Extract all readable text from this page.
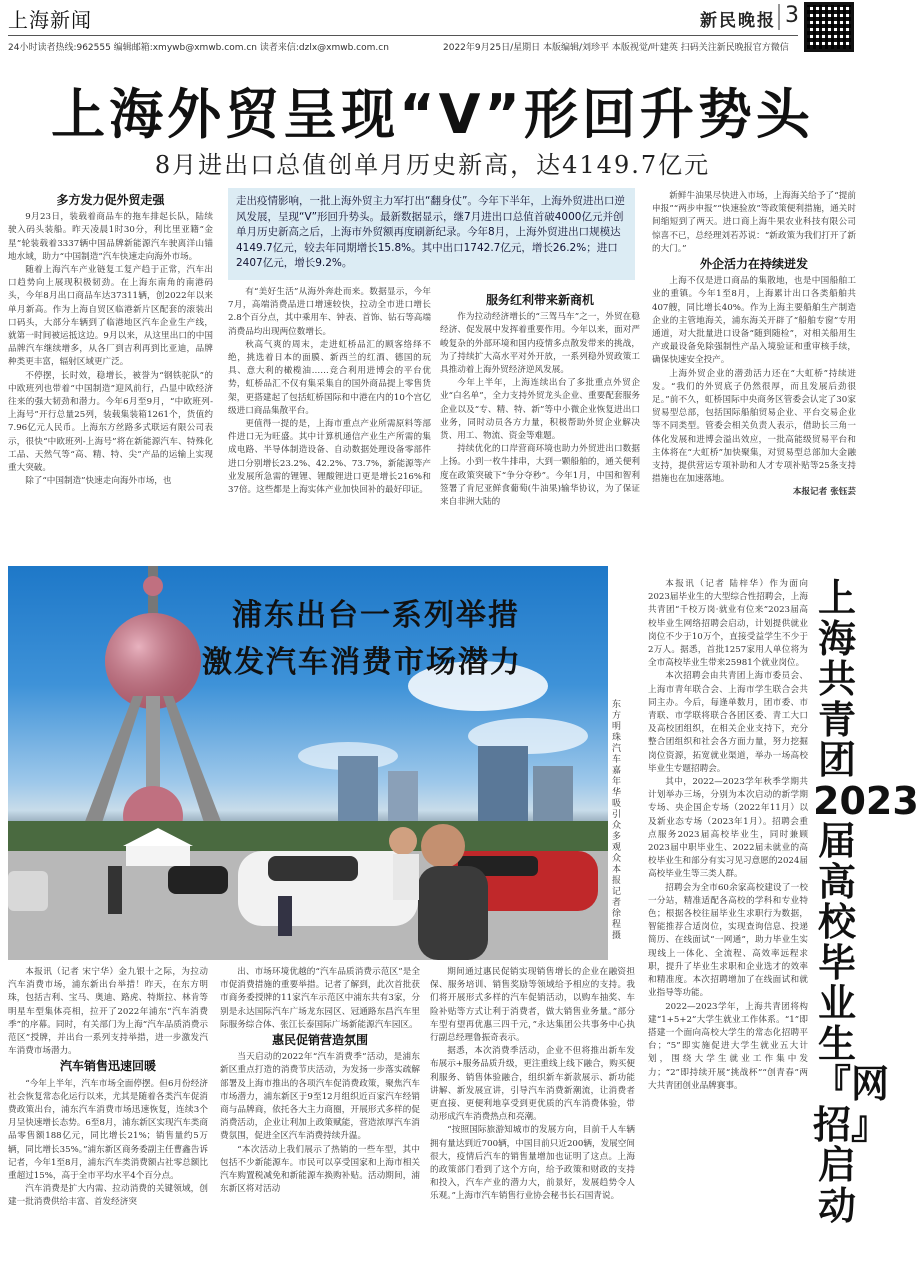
上海新闻	新民晚报 3
24小时读者热线:962555 编辑邮箱:xmywb@xmwb.com.cn 读者来信:dzlx@xmwb.com.cn	2022年9月25日/星期日 本版编辑/刘珍平 本版视觉/叶建英 扫码关注新民晚报官方微信
上海外贸呈现“V”形回升势头
8月进出口总值创单月历史新高，达4149.7亿元
多方发力促外贸走强

9月23日，装载着商品车的拖车排起长队，陆续驶入码头装船。昨天凌晨1时30分，利比里亚籍“金星”轮装载着3337辆中国品牌新能源汽车驶离洋山锚地水域，助力“中国制造”汽车快速走向海外市场。

随着上海汽车产业链复工复产趋于正常，汽车出口趋势向上展现积极韧劲。在上海东南角的南港码头，今年8月出口商品车达37311辆，创2022年以来单月新高。作为上海自贸区临港新片区配套的滚装出口码头，大部分车辆到了临港地区汽车企业生产线，就第一时间被运抵这边。9月以来，从这里出口的中国品牌汽车继续增多，从各厂到吉利再到比亚迪，品牌种类更丰富，辐射区域更广泛。

不停摆，长时效，稳增长，被誉为“钢铁驼队”的中欧班列也带着“中国制造”迎风前行，凸显中欧经济往来的强大韧劲和潜力。今年6月至9月，“中欧班列-上海号”开行总量25列，装载集装箱1261个，货值约7.96亿元人民币。上海东方丝路多式联运有限公司表示，很快“中欧班列-上海号”将在新能源汽车、特殊化工品、天然气等“高、精、特、尖”产品的运输上实现重大突破。

除了“中国制造”快速走向海外市场，也

走出疫情影响，一批上海外贸主力军打出“翻身仗”。今年下半年，上海外贸进出口逆风发展，呈现“V”形回升势头。最新数据显示，继7月进出口总值首破4000亿元并创单月历史新高之后，上海市外贸额再度刷新纪录。今年8月，上海外贸进出口规模达4149.7亿元，较去年同期增长15.8%。其中出口1742.7亿元，增长26.2%；进口2407亿元，增长9.2%。

有“美好生活”从海外奔赴而来。数据显示，今年7月，高端消费品进口增速较快，拉动全市进口增长2.8个百分点，其中乘用车、钟表、首饰、钻石等高端消费品均出现两位数增长。

秋高气爽的周末，走进虹桥品汇的顾客络绎不绝，挑选着日本的面膜、新西兰的红酒、德国的玩具、意大利的橄榄油……竞合利用进博会的平台优势，虹桥品汇不仅有集采集自的国外商品提上零售货架，更搭建起了包括虹桥国际和中港在内的10个宫亿级进口商品集散平台。

更值得一提的是，上海市重点产业所需原料等部件进口无为旺盛。其中计算机通信产业生产所需的集成电路、半导体制造设备、自动数据处理设备零部件进口分别增长23.2%、42.2%、73.7%，新能源等产业发展所急需的锂锂、锂酸锂进口更是增长216%和37倍。这些都是上海实体产业加快回补的最好印证。

服务红利带来新商机

作为拉动经济增长的“三驾马车”之一，外贸在稳经济、促发展中发挥着重要作用。今年以来，面对严峻复杂的外部环境和国内疫情多点散发带来的挑战，为了持续扩大高水平对外开放，一系列稳外贸政策工具推动着上海外贸经济逆风发展。

今年上半年，上海连续出台了多批重点外贸企业“白名单”，全力支持外贸龙头企业、重要配套服务企业以及“专、精、特、新”等中小微企业恢复进出口业务，同时动员各方力量，积极帮助外贸企业解决货、用工、物流、资金等难题。

持续优化的口岸营商环境也助力外贸进出口数据上扬。小到一枚牛排串，大到一颗船舶的，通关便利度在政策突破下“争分夺秒”。今年1月，中国和智利签署了肯尼亚鲜食葡萄(牛油果)输华协议，为了保证来自非洲大陆的

新鲜牛油果尽快进入市场，上海海关给予了“提前申报”“两步申报”“快速验放”等政策便利措施，通关时间缩短到了两天。进口商上海牛果农业科技有限公司惊喜不已，总经理刘若苏说：“新政策为我们打开了新的大门。”

外企活力在持续迸发

上海不仅是进口商品的集散地，也是中国船舶工业的重镇。今年1至8月，上海累计出口各类船舶共407艘，同比增长40%。作为上海主要船舶生产制造企业的主管地海关，浦东海关开辟了“船舶专窗”专用通道，对大批量进口设备“随到随检”，对相关船用生产或最设备免除强制性产品入境验证和重审核手续，确保快速安全投产。

上海外贸企业的潜劲活力还在“大虹桥”持续迸发。“我们的外贸底子仍然很厚，而且发展后劲很足。”前不久，虹桥国际中央商务区管委会认定了30家贸易型总部，包括国际船舶贸易企业、平台交易企业等不同类型。管委会相关负责人表示，借助长三角一体化发展和进博会溢出效应，一批高能级贸易平台和主体将在“大虹桥”加快聚集，对贸易型总部加大金融支持，提供营运专项补助和人才专项补贴等25条支持措施也在加速落地。

本报记者 张钰芸
浦东出台一系列举措
激发汽车消费市场潜力
东方明珠汽车嘉年华吸引众多观众　本报记者 徐程 摄

本报讯（记者 宋宁华）金九银十之际，为拉动汽车消费市场，浦东新出台举措！昨天，在东方明珠，包括吉利、宝马、奥迪、路虎、特斯拉、林肯等明星车型集体亮相，拉开了2022年浦东“汽车消费季”的序幕。同时，有关部门为上海“汽车品质消费示范区”授牌，并出台一系列支持举措，进一步激发汽车消费市场潜力。

汽车销售迅速回暖

“今年上半年，汽车市场全面停摆。但6月份经济社会恢复常态化运行以来，尤其是随着各类汽车促消费政策出台，浦东汽车消费市场迅速恢复，连续3个月呈快速增长态势。6至8月，浦东新区实现汽车类商品零售额188亿元，同比增长21%；销售量约5万辆，同比增长35%。”浦东新区商务委副主任曹鑫告诉记者，今年1至8月，浦东汽车类消费额占社零总额比重超过15%，高于全市平均水平4个百分点。

汽车消费是扩大内需、拉动消费的关键领域，创建一批消费供给丰富、首发经济突

出、市场环境优越的“汽车品质消费示范区”是全市促消费措施的重要举措。记者了解到，此次首批获市商务委授牌的11家汽车示范区中浦东共有3家，分别是永达国际汽车广场龙东园区、冠通路东昌汽车里际服务综合体、张江长泰国际广场新能源汽车园区。

惠民促销营造氛围

当天启动的2022年“汽车消费季”活动，是浦东新区重点打造的消费节庆活动，为发扬一步落实疏解部署及上海市推出的各项汽车促消费政策，聚焦汽车市场潜力，浦东新区于9至12月组织近百家汽车经销商与品牌商，依托各大主力商圈，开展形式多样的促消费活动，企业让利加上政策赋能，营造浓厚汽车消费氛围，促进全区汽车消费持续升温。

“本次活动上我们展示了热销的一些车型，其中包括不少新能源车。市民可以享受国家和上海市相关汽车购置税减免和新能源车换购补贴。活动期间，浦东新区将对活动

期间通过惠民促销实现销售增长的企业在融资担保、服务培训、销售奖励等领域给予相应的支持。我们将开展形式多样的汽车促销活动，以购车抽奖、车险补贴等方式让利于消费者，做大销售业务量。”部分车型有望再优惠三四千元，”永达集团公共事务中心执行副总经理鲁振奇表示。

据悉，本次消费季活动，企业不但将推出新车发布展示+服务品质升级，更注重线上线下融合，购买便利服务、销售体验融合，组织新车新款展示、新功能讲解、新发展宣讲，引导汽车消费新潮流，让消费者更直接、更便利地享受到更优质的汽车消费体验，带动形成汽车消费热点和亮潮。

“按照国际旅游知城市的发展方向，目前千人车辆拥有量达到近700辆，中国目前只近200辆，发展空间很大，疫情后汽车的销售量增加也证明了这点。上海的政策部门看到了这个方向，给予政策和财政的支持和投入，汽车产业的潜力大，前景好，发展趋势令人乐观。”上海市汽车销售行业协会秘书长石国青说。

本报讯（记者 陆梓华）作为面向2023届毕业生的大型综合性招聘会，上海共青团“千校万岗·就业有位来”2023届高校毕业生网络招聘会启动，计划提供就业岗位不少于10万个，直接受益学生不少于2万人。据悉，首批1257家用人单位将为全市高校毕业生带来25981个就业岗位。

本次招聘会由共青团上海市委员会、上海市青年联合会、上海市学生联合会共同主办。今后，每逢单数月，团市委、市青联、市学联将联合各团区委、青工大口及高校团组织，在相关企业支持下，充分整合团组织和社会各方面力量，努力挖掘岗位资源，拓宽就业渠道，举办一场高校毕业生专题招聘会。

其中，2022—2023学年秋季学期共计划举办三场，分别为本次启动的新学期专场、央企国企专场（2022年11月）以及新业态专场（2023年1月）。招聘会重点服务2023届高校毕业生，同时兼顾2023届中职毕业生、2022届未就业的高校毕业生和部分有实习见习意愿的2024届高校毕业生等三类人群。

招聘会为全市60余家高校建设了一校一分站，精准适配各高校的学科和专业特色；根据各校往届毕业生求职行为数据，智能推荐合适岗位，实现查询信息、投递简历、在线面试“一网通”，助力毕业生实现线上一体化、全流程、高效率远程求职，提升了毕业生求职和企业选才的效率和精准度。本次招聘增加了在线面试和就业指导等功能。

2022—2023学年，上海共青团将构建“1+5+2”大学生就业工作体系。“1”即搭建一个面向高校大学生的常态化招聘平台；“5”即实施促进大学生就业五大计划，围绕大学生就业工作集中发力；“2”即持续开展“挑战杯”“创青春”两大共青团创业品牌赛事。

上海共青团2023届高校毕业生『网招』启动
